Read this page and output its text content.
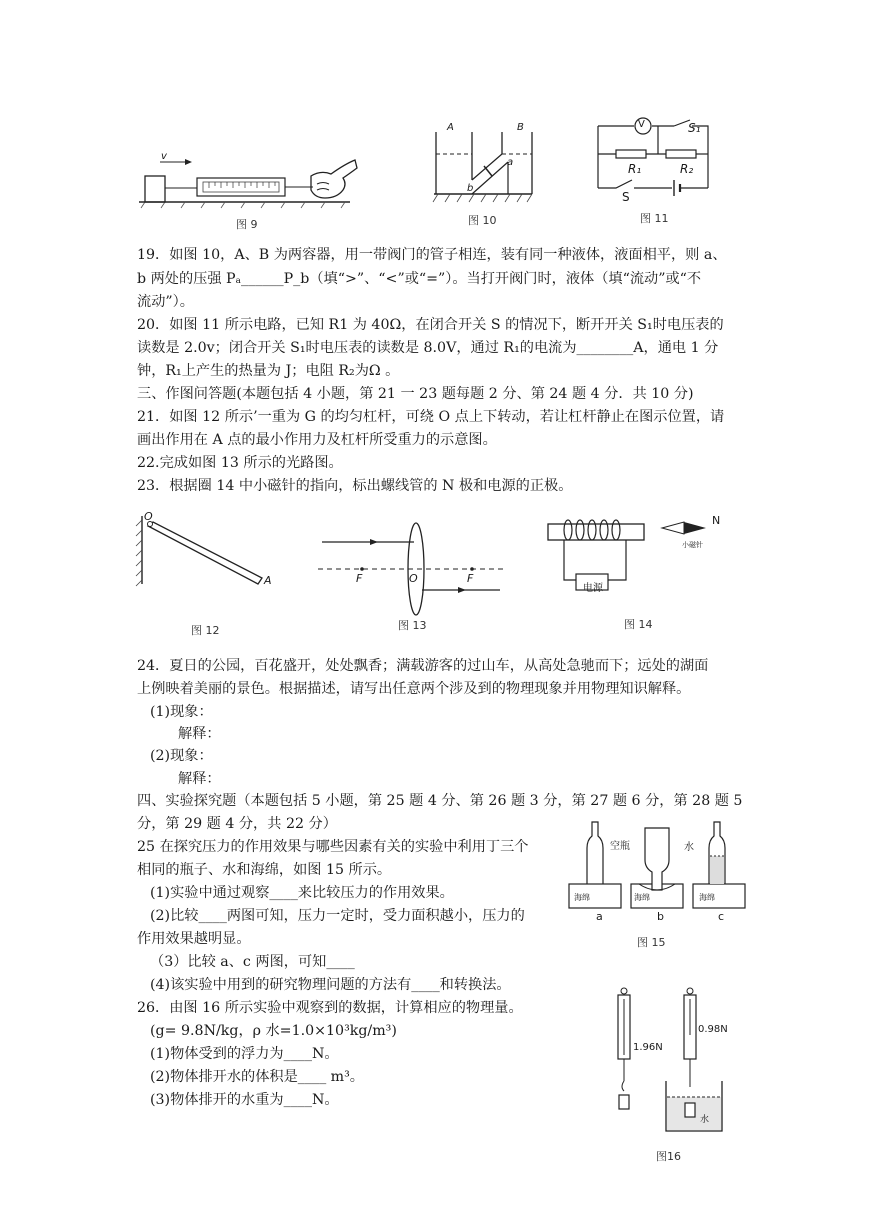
图 9
v
A	B
a
b
图 10
V	S₁
R₁	R₂
S
图 11
19．如图 10，A、B 为两容器，用一带阀门的管子相连，装有同一种液体，液面相平，则 a、
b 两处的压强 Pₐ______P_b（填“>”、“<”或“=”）。当打开阀门时，液体（填“流动”或“不
流动”）。
20．如图 11 所示电路，已知 R1 为 40Ω，在闭合开关 S 的情况下，断开开关 S₁时电压表的
读数是 2.0v；闭合开关 S₁时电压表的读数是 8.0V，通过 R₁的电流为________A，通电 1 分
钟，R₁上产生的热量为 J；电阻 R₂为Ω 。
三、作图问答题(本题包括 4 小题，第 21 一 23 题每题 2 分、第 24 题 4 分．共 10 分)
21．如图 12 所示’一重为 G 的均匀杠杆，可绕 O 点上下转动，若让杠杆静止在图示位置，请
画出作用在 A 点的最小作用力及杠杆所受重力的示意图。
22.完成如图 13 所示的光路图。
23．根据圈 14 中小磁针的指向，标出螺线管的 N 极和电源的正极。
O
A
图 12
F	O	F
图 13
电源
N
小磁针
图 14
24．夏日的公园，百花盛开，处处飘香；满载游客的过山车，从高处急驰而下；远处的湖面
上例映着美丽的景色。根据描述，请写出任意两个涉及到的物理现象并用物理知识解释。
(1)现象：
解释：
(2)现象：
解释：
四、实验探究题（本题包括 5 小题，第 25 题 4 分、第 26 题 3 分，第 27 题 6 分，第 28 题 5
分，第 29 题 4 分，共 22 分）
25 在探究压力的作用效果与哪些因素有关的实验中利用丁三个
相同的瓶子、水和海绵，如图 15 所示。
(1)实验中通过观察____来比较压力的作用效果。
(2)比较____两图可知，压力一定时，受力面积越小，压力的
作用效果越明显。
（3）比较 a、c 两图，可知____
(4)该实验中用到的研究物理问题的方法有____和转换法。
26．由图 16 所示实验中观察到的数据，计算相应的物理量。
(g= 9.8N/kg，ρ 水=1.0×10³kg/m³)
(1)物体受到的浮力为____N。
(2)物体排开水的体积是____ m³。
(3)物体排开的水重为____N。
空瓶	水
海绵	海绵	海绵
a	b	c
图 15
1.96N
0.98N
水
图16
